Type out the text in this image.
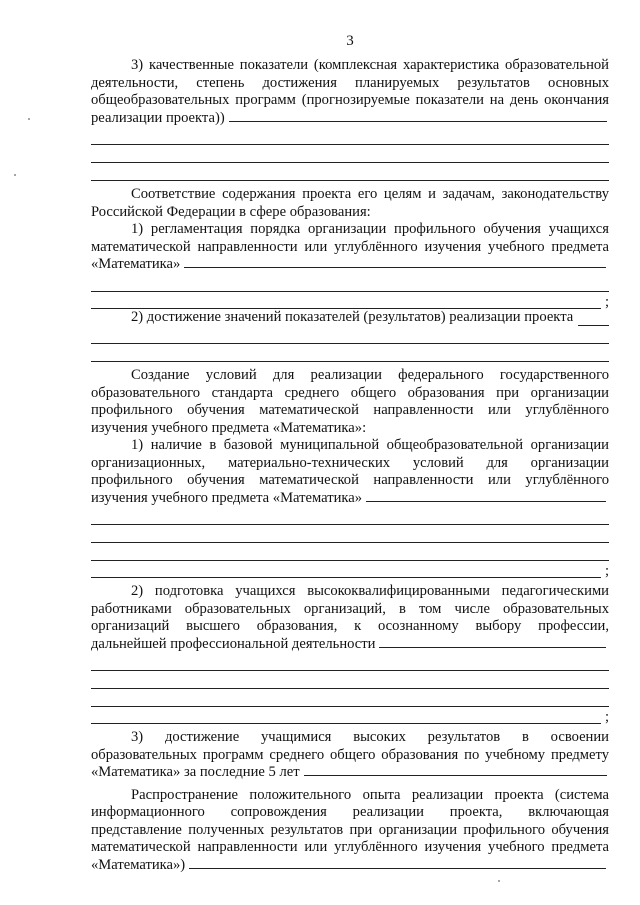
3

3) качественные показатели (комплексная характеристика образовательной деятельности, степень достижения планируемых результатов основных общеобразовательных программ (прогнозируемые показатели на день окончания реализации проекта))

Соответствие содержания проекта его целям и задачам, законодательству Российской Федерации в сфере образования:

1) регламентация порядка организации профильного обучения учащихся математической направленности или углублённого изучения учебного предмета «Математика»

;
2) достижение значений показателей (результатов) реализации проекта

Создание условий для реализации федерального государственного образовательного стандарта среднего общего образования при организации профильного обучения математической направленности или углублённого изучения учебного предмета «Математика»:

1) наличие в базовой муниципальной общеобразовательной организации организационных, материально-технических условий для организации профильного обучения математической направленности или углублённого изучения учебного предмета «Математика»

;

2) подготовка учащихся высококвалифицированными педагогическими работниками образовательных организаций, в том числе образовательных организаций высшего образования, к осознанному выбору профессии, дальнейшей профессиональной деятельности

;

3) достижение учащимися высоких результатов в освоении образовательных программ среднего общего образования по учебному предмету «Математика» за последние 5 лет

Распространение положительного опыта реализации проекта (система информационного сопровождения реализации проекта, включающая представление полученных результатов при организации профильного обучения математической направленности или углублённого изучения учебного предмета «Математика»)
